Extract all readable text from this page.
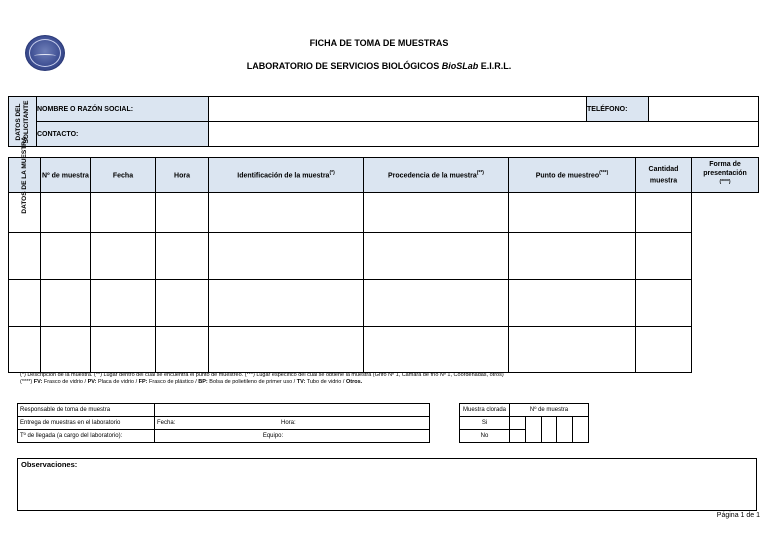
FICHA DE TOMA DE MUESTRAS
LABORATORIO DE SERVICIOS BIOLÓGICOS BioSLab E.I.R.L.
DATOS DEL
SOLICITANTE	NOMBRE O RAZÓN SOCIAL:		TELÉFONO:	
	CONTACTO:			
DATOS DE LA MUESTRA	Nº de muestra	Fecha	Hora	Identificación de la muestra(*)	Procedencia de la muestra(**)	Punto de muestreo(***)	Cantidad muestra	Forma de presentación
(****)

(*) Descripción de la muestra. (**) Lugar dentro del cual se encuentra el punto de muestreo. (***) Lugar específico del cual se obtiene la muestra (Grifo Nº 1, Cámara de frío Nº 1, Coordenadas, otros)
(****) FV: Frasco de vidrio / PV: Placa de vidrio / FP: Frasco de plástico / BP: Bolsa de polietileno de primer uso / TV: Tubo de vidrio / Otros.
Responsable de toma de muestra	
Entrega de muestras en el laboratorio	Fecha: Hora:
Tº de llegada (a cargo del laboratorio):	Equipo:
Muestra clorada	Nº de muestra				
Si					
No					
Observaciones:
Página 1 de 1
